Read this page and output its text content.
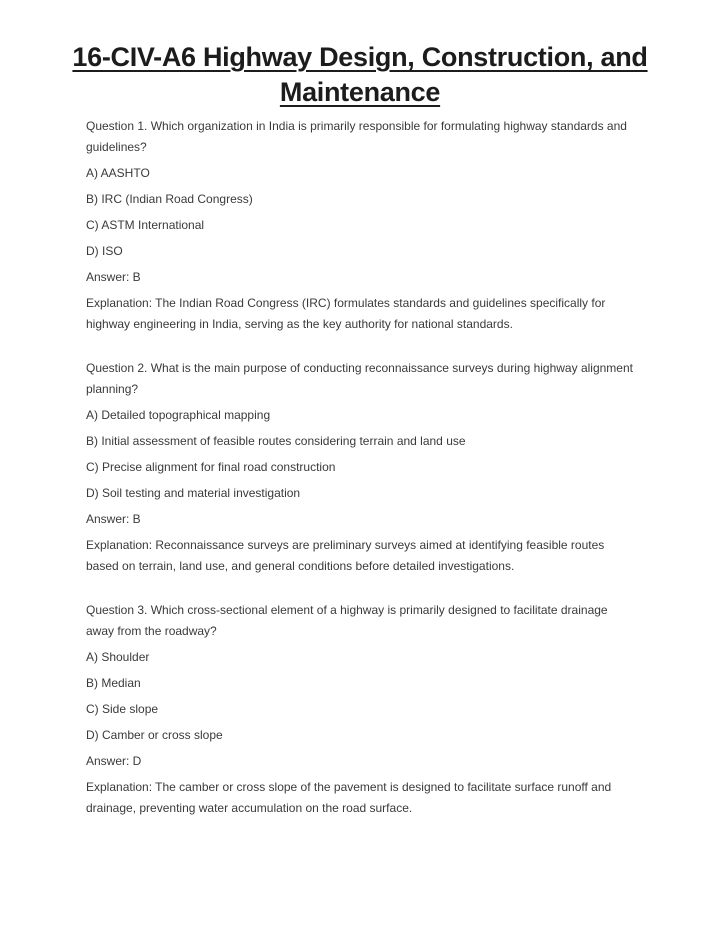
16-CIV-A6 Highway Design, Construction, and Maintenance

Question 1. Which organization in India is primarily responsible for formulating highway standards and guidelines?

A) AASHTO

B) IRC (Indian Road Congress)

C) ASTM International

D) ISO

Answer: B

Explanation: The Indian Road Congress (IRC) formulates standards and guidelines specifically for highway engineering in India, serving as the key authority for national standards.

Question 2. What is the main purpose of conducting reconnaissance surveys during highway alignment planning?

A) Detailed topographical mapping

B) Initial assessment of feasible routes considering terrain and land use

C) Precise alignment for final road construction

D) Soil testing and material investigation

Answer: B

Explanation: Reconnaissance surveys are preliminary surveys aimed at identifying feasible routes based on terrain, land use, and general conditions before detailed investigations.

Question 3. Which cross-sectional element of a highway is primarily designed to facilitate drainage away from the roadway?

A) Shoulder

B) Median

C) Side slope

D) Camber or cross slope

Answer: D

Explanation: The camber or cross slope of the pavement is designed to facilitate surface runoff and drainage, preventing water accumulation on the road surface.
